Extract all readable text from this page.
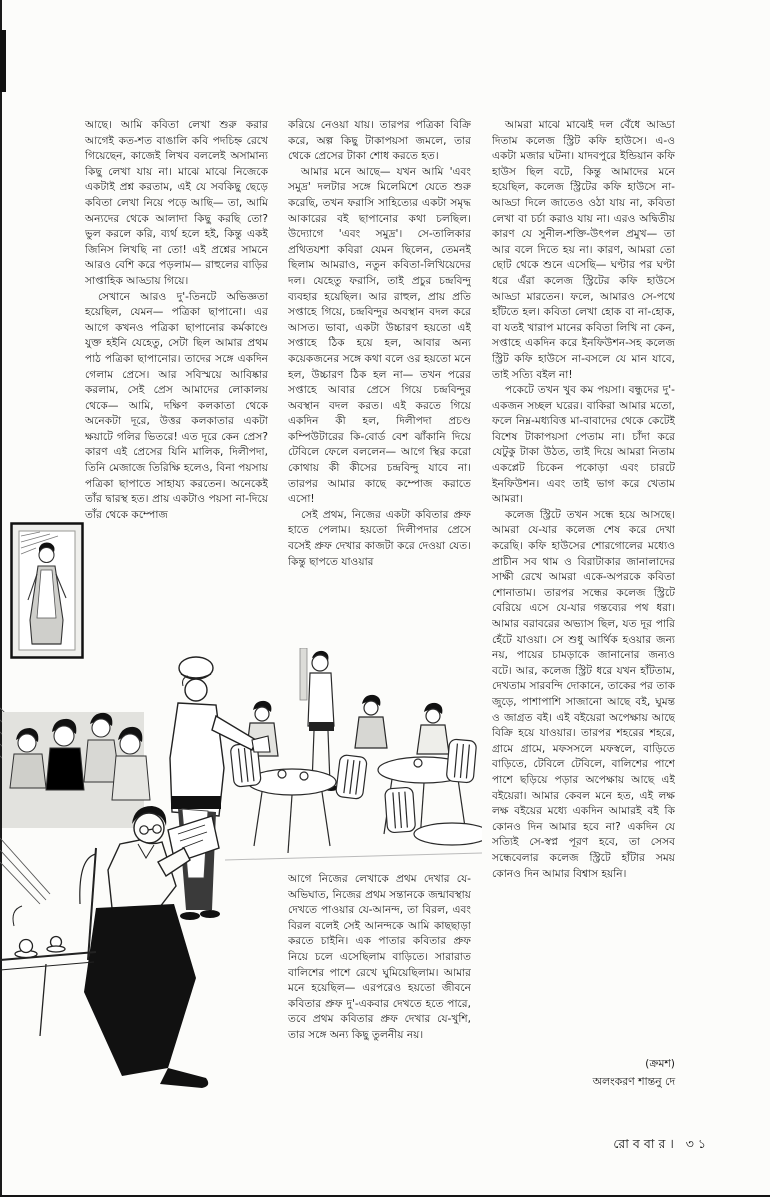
আছে। আমি কবিতা লেখা শুরু করার আগেই কত-শত বাঙালি কবি পদচিহ্ন রেখে গিয়েছেন, কাজেই লিখব বললেই অসামান্য কিছু লেখা যায় না। মাঝে মাঝে নিজেকে একটাই প্রশ্ন করতাম, এই যে সবকিছু ছেড়ে কবিতা লেখা নিয়ে পড়ে আছি— তা, আমি অন্যদের থেকে আলাদা কিছু করছি তো? ভুল করলে করি, ব্যর্থ হলে হই, কিন্তু একই জিনিস লিখছি না তো! এই প্রশ্নের সামনে আরও বেশি করে পড়লাম— রাহুলের বাড়ির সাপ্তাহিক আড্ডায় গিয়ে।

সেখানে আরও দু'-তিনটে অভিজ্ঞতা হয়েছিল, যেমন— পত্রিকা ছাপানো। এর আগে কখনও পত্রিকা ছাপানোর কর্মকাণ্ডে যুক্ত হইনি যেহেতু, সেটা ছিল আমার প্রথম পাঠ পত্রিকা ছাপানোর। তাদের সঙ্গে একদিন গেলাম প্রেসে। আর সবিস্ময়ে আবিষ্কার করলাম, সেই প্রেস আমাদের লোকালয় থেকে— আমি, দক্ষিণ কলকাতা থেকে অনেকটা দূরে, উত্তর কলকাতার একটা ক্ষয়াটে গলির ভিতরে! এত দূরে কেন প্রেস? কারণ এই প্রেসের যিনি মালিক, দিলীপদা, তিনি মেজাজে তিরিক্ষি হলেও, বিনা পয়সায় পত্রিকা ছাপাতে সাহায্য করতেন। অনেকেই তাঁর দ্বারস্থ হত। প্রায় একটাও পয়সা না-দিয়ে তাঁর থেকে কম্পোজ

করিয়ে নেওয়া যায়। তারপর পত্রিকা বিক্রি করে, অল্প কিছু টাকাপয়সা জমলে, তার থেকে প্রেসের টাকা শোধ করতে হত।

আমার মনে আছে— যখন আমি 'এবং সমুদ্র' দলটার সঙ্গে মিলেমিশে যেতে শুরু করেছি, তখন ফরাসি সাহিত্যের একটা সমৃদ্ধ আকারের বই ছাপানোর কথা চলছিল। উদ্যোগে 'এবং সমুদ্র'। সে-তালিকার প্রথিতযশা কবিরা যেমন ছিলেন, তেমনই ছিলাম আমরাও, নতুন কবিতা-লিখিয়েদের দল। যেহেতু ফরাসি, তাই প্রচুর চন্দ্রবিন্দু ব্যবহার হয়েছিল। আর রাহুল, প্রায় প্রতি সপ্তাহে গিয়ে, চন্দ্রবিন্দুর অবস্থান বদল করে আসত। ভাবা, একটা উচ্চারণ হয়তো এই সপ্তাহে ঠিক হয়ে হল, আবার অন্য কয়েকজনের সঙ্গে কথা বলে ওর হয়তো মনে হল, উচ্চারণ ঠিক হল না— তখন পরের সপ্তাহে আবার প্রেসে গিয়ে চন্দ্রবিন্দুর অবস্থান বদল করত। এই করতে গিয়ে একদিন কী হল, দিলীপদা প্রচণ্ড কম্পিউটারের কি-বোর্ড বেশ ঝাঁকানি দিয়ে টেবিলে ফেলে বললেন— আগে স্থির করো কোথায় কী কীসের চন্দ্রবিন্দু যাবে না। তারপর আমার কাছে কম্পোজ করাতে এসো!

সেই প্রথম, নিজের একটা কবিতার প্রুফ হাতে পেলাম। হয়তো দিলীপদার প্রেসে বসেই প্রুফ দেখার কাজটা করে দেওয়া যেত। কিন্তু ছাপতে যাওয়ার

আগে নিজের লেখাকে প্রথম দেখার যে-অভিঘাত, নিজের প্রথম সন্তানকে জন্মাবস্থায় দেখতে পাওয়ার যে-আনন্দ, তা বিরল, এবং বিরল বলেই সেই আনন্দকে আমি কাছছাড়া করতে চাইনি। এক পাতার কবিতার প্রুফ নিয়ে চলে এসেছিলাম বাড়িতে। সারারাত বালিশের পাশে রেখে ঘুমিয়েছিলাম। আমার মনে হয়েছিল— এরপরেও হয়তো জীবনে কবিতার প্রুফ দু'-একবার দেখতে হতে পারে, তবে প্রথম কবিতার প্রুফ দেখার যে-খুশি, তার সঙ্গে অন্য কিছু তুলনীয় নয়।

আমরা মাঝে মাঝেই দল বেঁধে আড্ডা দিতাম কলেজ স্ট্রিট কফি হাউসে। এ-ও একটা মজার ঘটনা। যাদবপুরে ইন্ডিয়ান কফি হাউস ছিল বটে, কিন্তু আমাদের মনে হয়েছিল, কলেজ স্ট্রিটের কফি হাউসে না-আড্ডা দিলে জাতেও ওঠা যায় না, কবিতা লেখা বা চর্চা করাও যায় না। এরও অদ্বিতীয় কারণ যে সুনীল-শক্তি-উৎপল প্রমুখ— তা আর বলে দিতে হয় না। কারণ, আমরা তো ছোট থেকে শুনে এসেছি— ঘণ্টার পর ঘণ্টা ধরে এঁরা কলেজ স্ট্রিটের কফি হাউসে আড্ডা মারতেন। ফলে, আমারও সে-পথে হাঁটতে হল। কবিতা লেখা হোক বা না-হোক, বা যতই খারাপ মানের কবিতা লিখি না কেন, সপ্তাহে একদিন করে ইনফিউশন-সহ কলেজ স্ট্রিট কফি হাউসে না-বসলে যে মান যাবে, তাই সত্যি বইল না!

পকেটে তখন খুব কম পয়সা। বন্ধুদের দু'-একজন সচ্ছল ঘরের। বাকিরা আমার মতো, ফলে নিম্ন-মধ্যবিত্ত মা-বাবাদের থেকে কেটেই বিশেষ টাকাপয়সা পেতাম না। চাঁদা করে যেটুকু টাকা উঠত, তাই দিয়ে আমরা নিতাম একপ্লেট চিকেন পকোড়া এবং চারটে ইনফিউশন। এবং তাই ভাগ করে খেতাম আমরা।

কলেজ স্ট্রিটে তখন সন্ধে হয়ে আসছে। আমরা যে-যার কলেজ শেষ করে দেখা করেছি। কফি হাউসের শোরগোলের মধ্যেও প্রাচীন সব থাম ও বিরাটাকার জানালাদের সাক্ষী রেখে আমরা একে-অপরকে কবিতা শোনাতাম। তারপর সন্ধের কলেজ স্ট্রিটে বেরিয়ে এসে যে-যার গন্তব্যের পথ ধরা। আমার বরাবরের অভ্যাস ছিল, যত দূর পারি হেঁটে যাওয়া। সে শুধু আর্থিক হওয়ার জন্য নয়, পায়ের চামড়াকে জানানোর জন্যও বটে। আর, কলেজ স্ট্রিট ধরে যখন হাঁটতাম, দেখতাম সারবন্দি দোকানে, তাকের পর তাক জুড়ে, পাশাপাশি সাজানো আছে বই, ঘুমন্ত ও জাগ্রত বই। এই বইয়েরা অপেক্ষায় আছে বিক্রি হয়ে যাওয়ার। তারপর শহরের শহরে, গ্রামে গ্রামে, মফসসলে মফস্বলে, বাড়িতে বাড়িতে, টেবিলে টেবিলে, বালিশের পাশে পাশে ছড়িয়ে পড়ার অপেক্ষায় আছে এই বইয়েরা। আমার কেবল মনে হত, এই লক্ষ লক্ষ বইয়ের মধ্যে একদিন আমারই বই কি কোনও দিন আমার হবে না? একদিন যে সত্যিই সে-স্বপ্ন পূরণ হবে, তা সেসব সন্ধেবেলার কলেজ স্ট্রিটে হাঁটার সময় কোনও দিন আমার বিশ্বাস হয়নি।

(ক্রমশ)
অলংকরণ শান্তনু দে
রোববার। ৩১
